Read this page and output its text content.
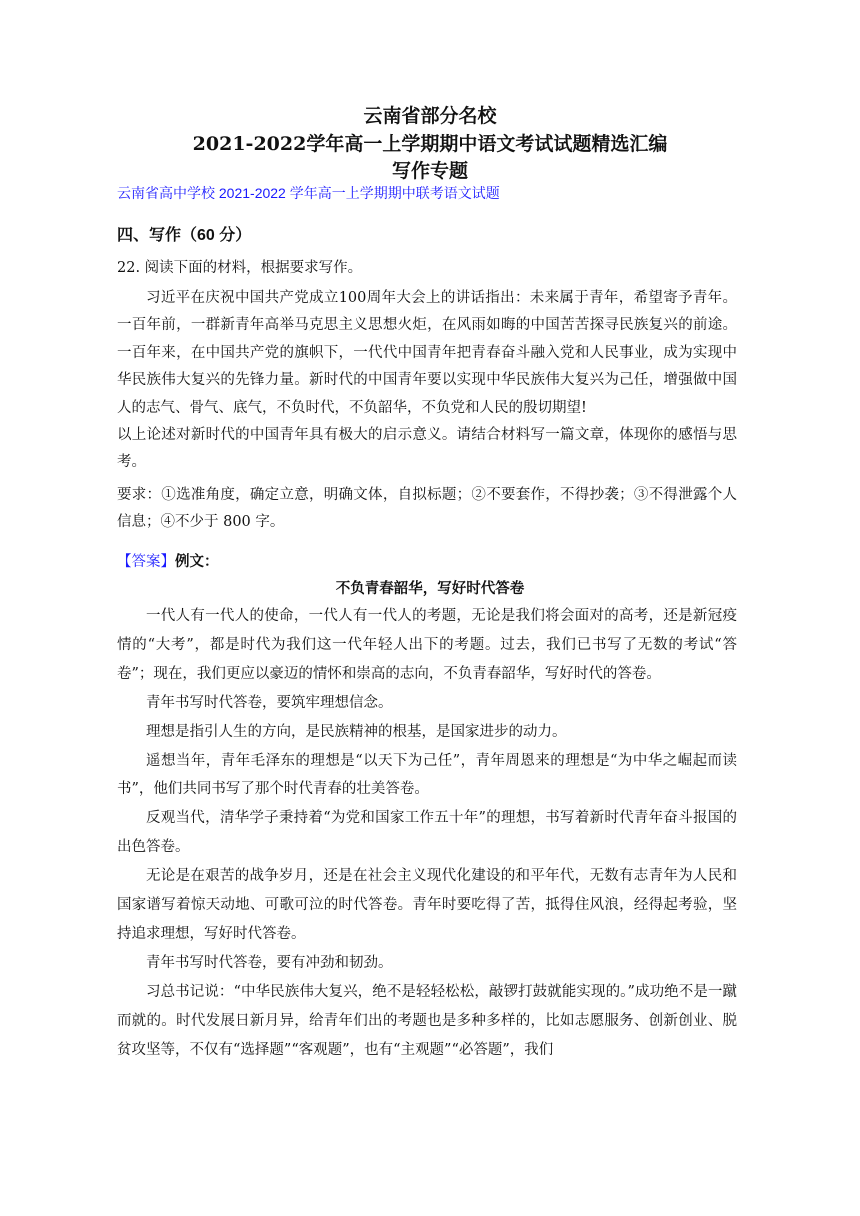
云南省部分名校
2021-2022学年高一上学期期中语文考试试题精选汇编
写作专题
云南省高中学校 2021-2022 学年高一上学期期中联考语文试题
四、写作（60 分）
22. 阅读下面的材料，根据要求写作。

习近平在庆祝中国共产党成立100周年大会上的讲话指出：未来属于青年，希望寄予青年。一百年前，一群新青年高举马克思主义思想火炬，在风雨如晦的中国苦苦探寻民族复兴的前途。一百年来，在中国共产党的旗帜下，一代代中国青年把青春奋斗融入党和人民事业，成为实现中华民族伟大复兴的先锋力量。新时代的中国青年要以实现中华民族伟大复兴为己任，增强做中国人的志气、骨气、底气，不负时代，不负韶华，不负党和人民的殷切期望!

以上论述对新时代的中国青年具有极大的启示意义。请结合材料写一篇文章，体现你的感悟与思考。

要求：①选准角度，确定立意，明确文体，自拟标题；②不要套作，不得抄袭；③不得泄露个人信息；④不少于 800 字。

【答案】例文：
不负青春韶华，写好时代答卷

一代人有一代人的使命，一代人有一代人的考题，无论是我们将会面对的高考，还是新冠疫情的“大考”，都是时代为我们这一代年轻人出下的考题。过去，我们已书写了无数的考试“答卷”；现在，我们更应以豪迈的情怀和崇高的志向，不负青春韶华，写好时代的答卷。

青年书写时代答卷，要筑牢理想信念。

理想是指引人生的方向，是民族精神的根基，是国家进步的动力。

遥想当年，青年毛泽东的理想是“以天下为己任”，青年周恩来的理想是“为中华之崛起而读书”，他们共同书写了那个时代青春的壮美答卷。

反观当代，清华学子秉持着“为党和国家工作五十年”的理想，书写着新时代青年奋斗报国的出色答卷。

无论是在艰苦的战争岁月，还是在社会主义现代化建设的和平年代，无数有志青年为人民和国家谱写着惊天动地、可歌可泣的时代答卷。青年时要吃得了苦，抵得住风浪，经得起考验，坚持追求理想，写好时代答卷。

青年书写时代答卷，要有冲劲和韧劲。

习总书记说：“中华民族伟大复兴，绝不是轻轻松松，敲锣打鼓就能实现的。”成功绝不是一蹴而就的。时代发展日新月异，给青年们出的考题也是多种多样的，比如志愿服务、创新创业、脱贫攻坚等，不仅有“选择题”“客观题”，也有“主观题”“必答题”，我们
